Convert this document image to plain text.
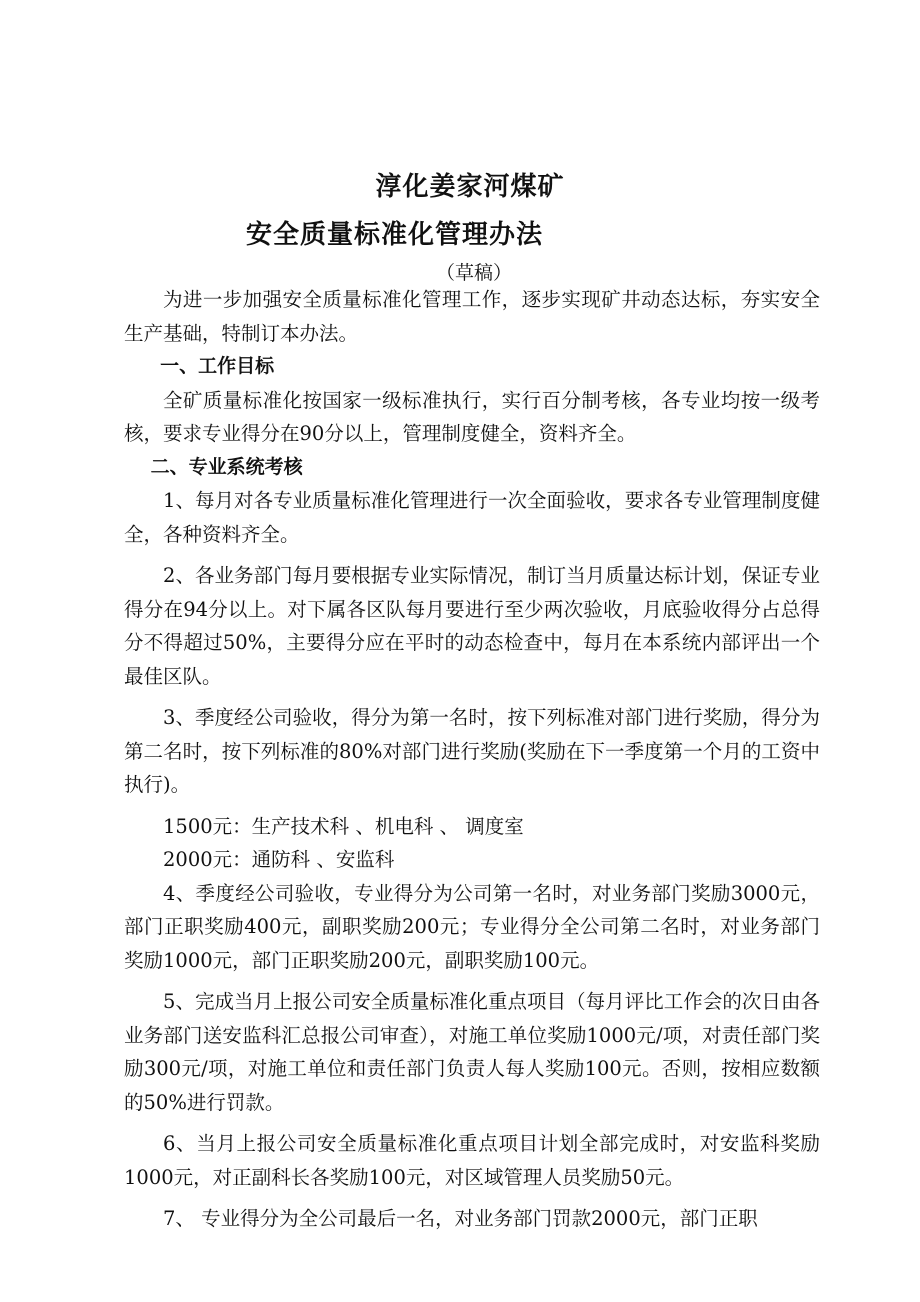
淳化姜家河煤矿
安全质量标准化管理办法
（草稿）

为进一步加强安全质量标准化管理工作，逐步实现矿井动态达标，夯实安全生产基础，特制订本办法。

一、工作目标

全矿质量标准化按国家一级标准执行，实行百分制考核，各专业均按一级考核，要求专业得分在90分以上，管理制度健全，资料齐全。

二、专业系统考核

1、每月对各专业质量标准化管理进行一次全面验收，要求各专业管理制度健全，各种资料齐全。

2、各业务部门每月要根据专业实际情况，制订当月质量达标计划，保证专业得分在94分以上。对下属各区队每月要进行至少两次验收，月底验收得分占总得分不得超过50%，主要得分应在平时的动态检查中，每月在本系统内部评出一个最佳区队。

3、季度经公司验收，得分为第一名时，按下列标准对部门进行奖励，得分为第二名时，按下列标准的80%对部门进行奖励(奖励在下一季度第一个月的工资中执行)。

1500元：生产技术科 、机电科 、 调度室

2000元：通防科 、安监科

4、季度经公司验收，专业得分为公司第一名时，对业务部门奖励3000元，部门正职奖励400元，副职奖励200元；专业得分全公司第二名时，对业务部门奖励1000元，部门正职奖励200元，副职奖励100元。

5、完成当月上报公司安全质量标准化重点项目（每月评比工作会的次日由各业务部门送安监科汇总报公司审查），对施工单位奖励1000元/项，对责任部门奖励300元/项，对施工单位和责任部门负责人每人奖励100元。否则，按相应数额的50%进行罚款。

6、当月上报公司安全质量标准化重点项目计划全部完成时，对安监科奖励1000元，对正副科长各奖励100元，对区域管理人员奖励50元。

7、 专业得分为全公司最后一名，对业务部门罚款2000元，部门正职
